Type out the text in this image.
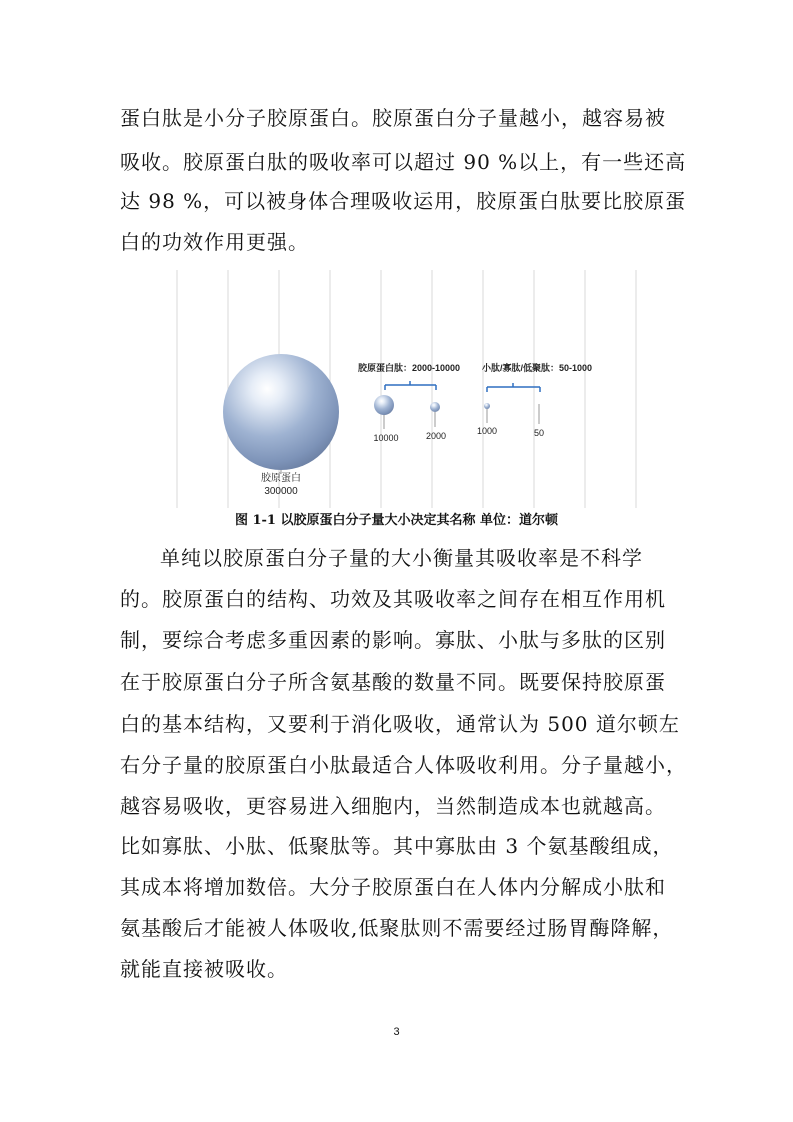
蛋白肽是小分子胶原蛋白。胶原蛋白分子量越小，越容易被
吸收。胶原蛋白肽的吸收率可以超过 90 %以上，有一些还高
达 98 %，可以被身体合理吸收运用，胶原蛋白肽要比胶原蛋
白的功效作用更强。
胶原蛋白
300000
胶原蛋白肽：2000-10000 小肽/寡肽/低聚肽：50-1000
10000	2000	1000	50
图 1-1 以胶原蛋白分子量大小决定其名称 单位：道尔顿
单纯以胶原蛋白分子量的大小衡量其吸收率是不科学
的。胶原蛋白的结构、功效及其吸收率之间存在相互作用机
制，要综合考虑多重因素的影响。寡肽、小肽与多肽的区别
在于胶原蛋白分子所含氨基酸的数量不同。既要保持胶原蛋
白的基本结构，又要利于消化吸收，通常认为 500 道尔顿左
右分子量的胶原蛋白小肽最适合人体吸收利用。分子量越小，
越容易吸收，更容易进入细胞内，当然制造成本也就越高。
比如寡肽、小肽、低聚肽等。其中寡肽由 3 个氨基酸组成，
其成本将增加数倍。大分子胶原蛋白在人体内分解成小肽和
氨基酸后才能被人体吸收,低聚肽则不需要经过肠胃酶降解，
就能直接被吸收。
3
